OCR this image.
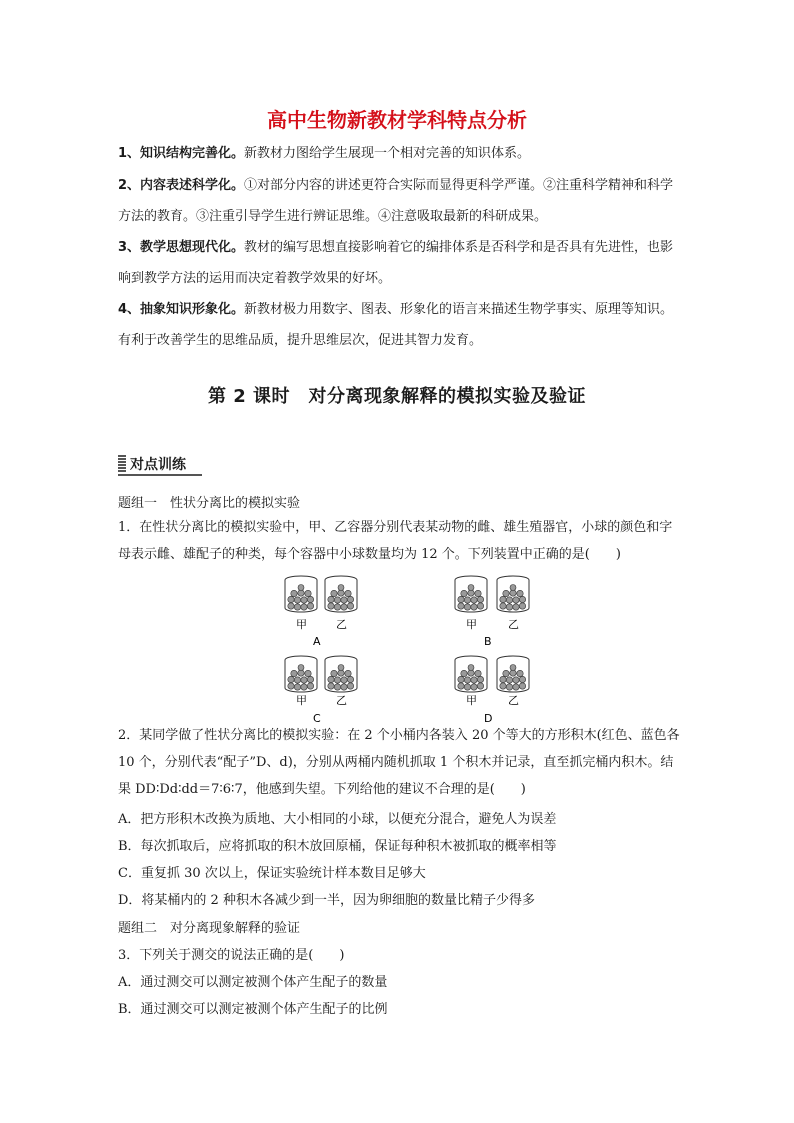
高中生物新教材学科特点分析
1、知识结构完善化。新教材力图给学生展现一个相对完善的知识体系。
2、内容表述科学化。①对部分内容的讲述更符合实际而显得更科学严谨。②注重科学精神和科学方法的教育。③注重引导学生进行辨证思维。④注意吸取最新的科研成果。
3、教学思想现代化。教材的编写思想直接影响着它的编排体系是否科学和是否具有先进性，也影响到教学方法的运用而决定着教学效果的好坏。
4、抽象知识形象化。新教材极力用数字、图表、形象化的语言来描述生物学事实、原理等知识。有利于改善学生的思维品质，提升思维层次，促进其智力发育。
第 2 课时　对分离现象解释的模拟实验及验证
对点训练
题组一　性状分离比的模拟实验
1．在性状分离比的模拟实验中，甲、乙容器分别代表某动物的雌、雄生殖器官，小球的颜色和字母表示雌、雄配子的种类，每个容器中小球数量均为 12 个。下列装置中正确的是(　　)
甲	乙
A
甲	乙
B
甲	乙
C
甲	乙
D
2．某同学做了性状分离比的模拟实验：在 2 个小桶内各装入 20 个等大的方形积木(红色、蓝色各 10 个，分别代表“配子”D、d)，分别从两桶内随机抓取 1 个积木并记录，直至抓完桶内积木。结果 DD∶Dd∶dd＝7∶6∶7，他感到失望。下列给他的建议不合理的是(　　)
A．把方形积木改换为质地、大小相同的小球，以便充分混合，避免人为误差
B．每次抓取后，应将抓取的积木放回原桶，保证每种积木被抓取的概率相等
C．重复抓 30 次以上，保证实验统计样本数目足够大
D．将某桶内的 2 种积木各减少到一半，因为卵细胞的数量比精子少得多
题组二　对分离现象解释的验证
3．下列关于测交的说法正确的是(　　)
A．通过测交可以测定被测个体产生配子的数量
B．通过测交可以测定被测个体产生配子的比例
